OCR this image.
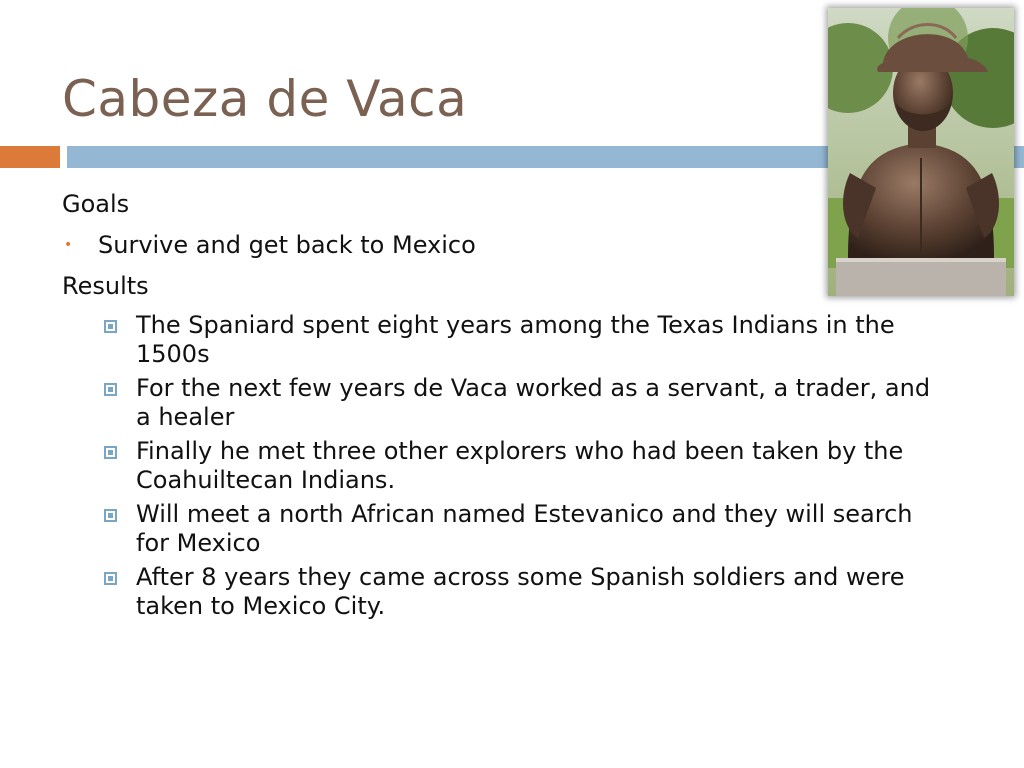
Cabeza de Vaca
Goals
•	Survive and get back to Mexico
Results
The Spaniard spent eight years among the Texas Indians in the 1500s
For the next few years de Vaca worked as a servant, a trader, and a healer
Finally he met three other explorers who had been taken by the Coahuiltecan Indians.
Will meet a north African named Estevanico and they will search for Mexico
After 8 years they came across some Spanish soldiers and were taken to Mexico City.
